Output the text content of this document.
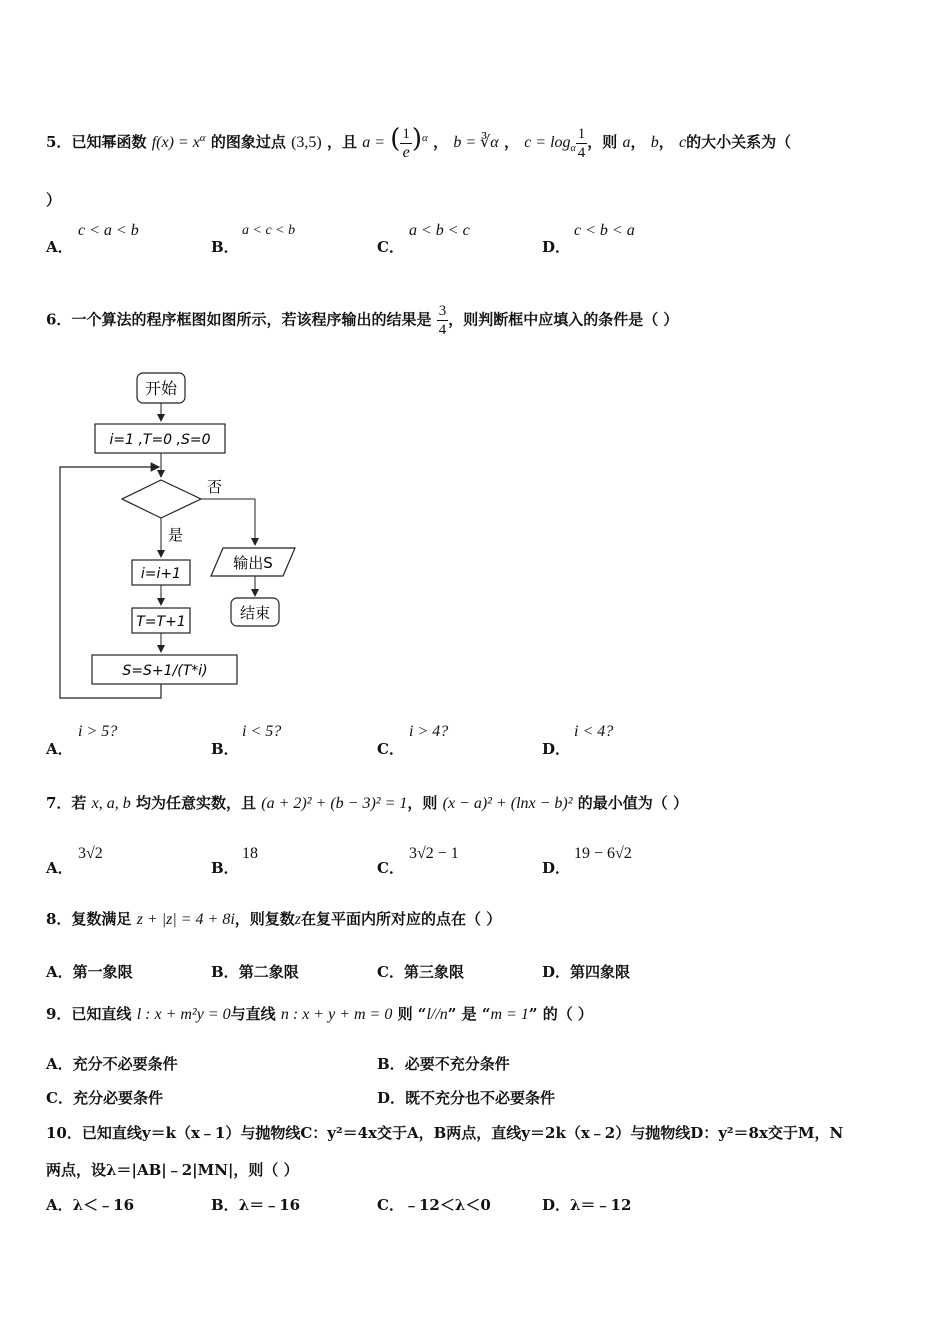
5．已知幂函数 $f(x) = x^\alpha$ 的图象过点 (3,5) ，且 a = ( $\frac{1}{e} )^\alpha$ ， b = ∛α ， $c = \log_\alpha \frac{1}{4}$ ，则 a， b， c的大小关系为（
）
A．
c < a < b
B．
a < c < b
C．
a < b < c
D．
c < b < a
6．一个算法的程序框图如图所示，若该程序输出的结果是 $\frac{3}{4}$ ，则判断框中应填入的条件是（ ）
开始
i=1 ,T=0 ,S=0
否
是
输出S
结束
i=i+1
T=T+1
S=S+1/(T*i)
A．
i > 5?
B．
i < 5?
C．
i > 4?
D．
i < 4?
7．若 x, a, b 均为任意实数，且 (a + 2)² + (b − 3)² = 1，则 (x − a)² + (lnx − b)² 的最小值为（ ）
A．
3√2
B．
18
C．
3√2 − 1
D．
19 − 6√2
8．复数满足 z + |z| = 4 + 8i，则复数z在复平面内所对应的点在（ ）
A．第一象限	B．第二象限	C．第三象限	D．第四象限
9．已知直线 l : x + m²y = 0与直线 n : x + y + m = 0 则 “l//n” 是 “m = 1” 的（ ）
A．充分不必要条件	B．必要不充分条件
C．充分必要条件	D．既不充分也不必要条件
10．已知直线y＝k（x﹣1）与抛物线C：y²＝4x交于A，B两点，直线y＝2k（x﹣2）与抛物线D：y²＝8x交于M，N
两点，设λ＝|AB|﹣2|MN|，则（ ）
A．λ＜﹣16	B．λ＝﹣16	C．﹣12＜λ＜0	D．λ＝﹣12
